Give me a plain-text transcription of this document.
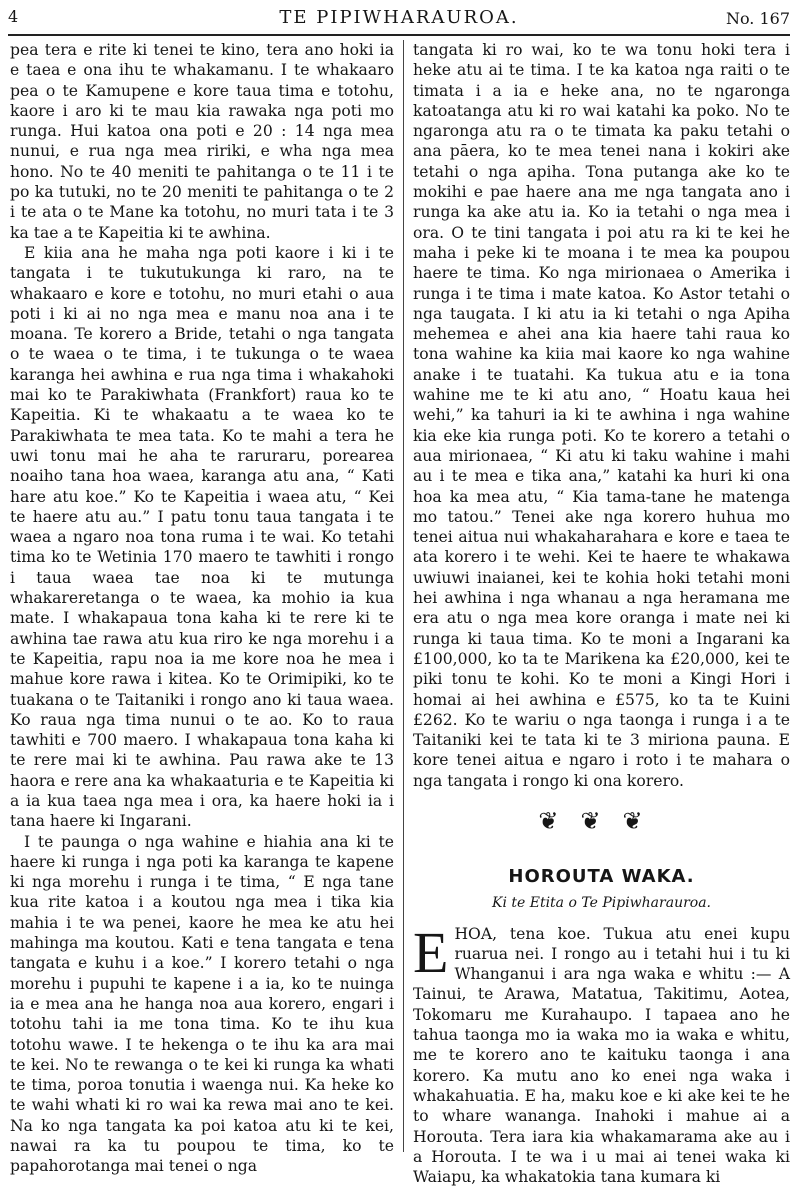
4	TE PIPIWHARAUROA.	No. 167

pea tera e rite ki tenei te kino, tera ano hoki ia e taea e ona ihu te whakamanu. I te whakaaro pea o te Kamupene e kore taua tima e totohu, kaore i aro ki te mau kia rawaka nga poti mo runga. Hui katoa ona poti e 20 : 14 nga mea nunui, e rua nga mea ririki, e wha nga mea hono. No te 40 meniti te pahitanga o te 11 i te po ka tutuki, no te 20 meniti te pahitanga o te 2 i te ata o te Mane ka totohu, no muri tata i te 3 ka tae a te Kapeitia ki te awhina.

E kiia ana he maha nga poti kaore i ki i te tangata i te tukutukunga ki raro, na te whakaaro e kore e totohu, no muri etahi o aua poti i ki ai no nga mea e manu noa ana i te moana. Te korero a Bride, tetahi o nga tangata o te waea o te tima, i te tukunga o te waea karanga hei awhina e rua nga tima i whakahoki mai ko te Parakiwhata (Frankfort) raua ko te Kapeitia. Ki te whakaatu a te waea ko te Parakiwhata te mea tata. Ko te mahi a tera he uwi tonu mai he aha te raruraru, porearea noaiho tana hoa waea, karanga atu ana, “ Kati hare atu koe.” Ko te Kapeitia i waea atu, “ Kei te haere atu au.” I patu tonu taua tangata i te waea a ngaro noa tona ruma i te wai. Ko tetahi tima ko te Wetinia 170 maero te tawhiti i rongo i taua waea tae noa ki te mutunga whakareretanga o te waea, ka mohio ia kua mate. I whakapaua tona kaha ki te rere ki te awhina tae rawa atu kua riro ke nga morehu i a te Kapeitia, rapu noa ia me kore noa he mea i mahue kore rawa i kitea. Ko te Orimipiki, ko te tuakana o te Taitaniki i rongo ano ki taua waea. Ko raua nga tima nunui o te ao. Ko to raua tawhiti e 700 maero. I whakapaua tona kaha ki te rere mai ki te awhina. Pau rawa ake te 13 haora e rere ana ka whakaaturia e te Kapeitia ki a ia kua taea nga mea i ora, ka haere hoki ia i tana haere ki Ingarani.

I te paunga o nga wahine e hiahia ana ki te haere ki runga i nga poti ka karanga te kapene ki nga morehu i runga i te tima, “ E nga tane kua rite katoa i a koutou nga mea i tika kia mahia i te wa penei, kaore he mea ke atu hei mahinga ma koutou. Kati e tena tangata e tena tangata e kuhu i a koe.” I korero tetahi o nga morehu i pupuhi te kapene i a ia, ko te nuinga ia e mea ana he hanga noa aua korero, engari i totohu tahi ia me tona tima. Ko te ihu kua totohu wawe. I te hekenga o te ihu ka ara mai te kei. No te rewanga o te kei ki runga ka whati te tima, poroa tonutia i waenga nui. Ka heke ko te wahi whati ki ro wai ka rewa mai ano te kei. Na ko nga tangata ka poi katoa atu ki te kei, nawai ra ka tu poupou te tima, ko te papahorotanga mai tenei o nga

tangata ki ro wai, ko te wa tonu hoki tera i heke atu ai te tima. I te ka katoa nga raiti o te timata i a ia e heke ana, no te ngaronga katoatanga atu ki ro wai katahi ka poko. No te ngaronga atu ra o te timata ka paku tetahi o ana pāera, ko te mea tenei nana i kokiri ake tetahi o nga apiha. Tona putanga ake ko te mokihi e pae haere ana me nga tangata ano i runga ka ake atu ia. Ko ia tetahi o nga mea i ora. O te tini tangata i poi atu ra ki te kei he maha i peke ki te moana i te mea ka poupou haere te tima. Ko nga mirionaea o Amerika i runga i te tima i mate katoa. Ko Astor tetahi o nga taugata. I ki atu ia ki tetahi o nga Apiha mehemea e ahei ana kia haere tahi raua ko tona wahine ka kiia mai kaore ko nga wahine anake i te tuatahi. Ka tukua atu e ia tona wahine me te ki atu ano, “ Hoatu kaua hei wehi,” ka tahuri ia ki te awhina i nga wahine kia eke kia runga poti. Ko te korero a tetahi o aua mirionaea, “ Ki atu ki taku wahine i mahi au i te mea e tika ana,” katahi ka huri ki ona hoa ka mea atu, “ Kia tama-tane he matenga mo tatou.” Tenei ake nga korero huhua mo tenei aitua nui whakaharahara e kore e taea te ata korero i te wehi. Kei te haere te whakawa uwiuwi inaianei, kei te kohia hoki tetahi moni hei awhina i nga whanau a nga heramana me era atu o nga mea kore oranga i mate nei ki runga ki taua tima. Ko te moni a Ingarani ka £100,000, ko ta te Marikena ka £20,000, kei te piki tonu te kohi. Ko te moni a Kingi Hori i homai ai hei awhina e £575, ko ta te Kuini £262. Ko te wariu o nga taonga i runga i a te Taitaniki kei te tata ki te 3 miriona pauna. E kore tenei aitua e ngaro i roto i te mahara o nga tangata i rongo ki ona korero.

❦❦❦
HOROUTA WAKA.
Ki te Etita o Te Pipiwharauroa.

EHOA, tena koe. Tukua atu enei kupu ruarua nei. I rongo au i tetahi hui i tu ki Whanganui i ara nga waka e whitu :— A Tainui, te Arawa, Matatua, Takitimu, Aotea, Tokomaru me Kurahaupo. I tapaea ano he tahua taonga mo ia waka mo ia waka e whitu, me te korero ano te kaituku taonga i ana korero. Ka mutu ano ko enei nga waka i whakahuatia. E ha, maku koe e ki ake kei te he to whare wananga. Inahoki i mahue ai a Horouta. Tera iara kia whakamarama ake au i a Horouta. I te wa i u mai ai tenei waka ki Waiapu, ka whakatokia tana kumara ki
